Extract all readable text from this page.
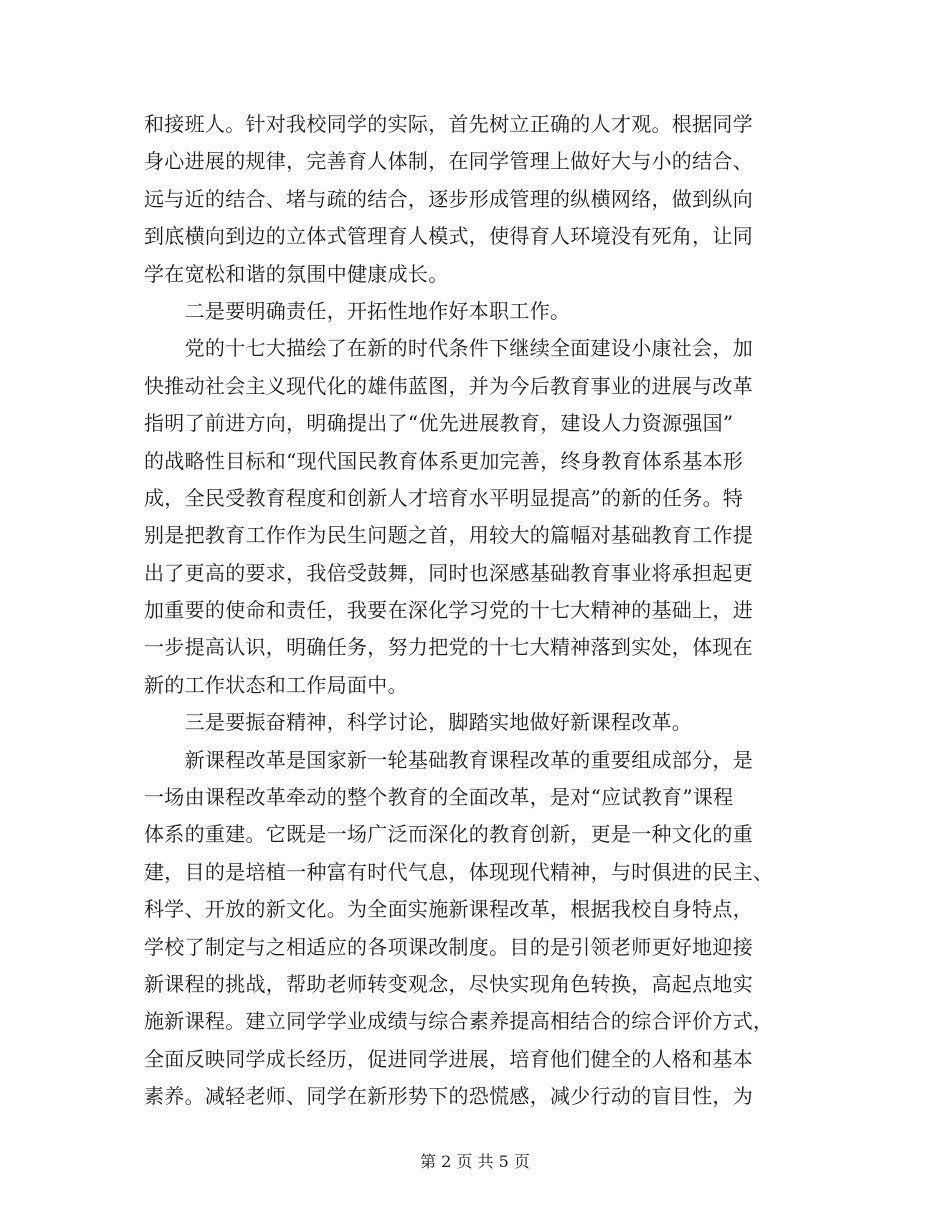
和接班人。针对我校同学的实际，首先树立正确的人才观。根据同学
身心进展的规律，完善育人体制，在同学管理上做好大与小的结合、
远与近的结合、堵与疏的结合，逐步形成管理的纵横网络，做到纵向
到底横向到边的立体式管理育人模式，使得育人环境没有死角，让同
学在宽松和谐的氛围中健康成长。
　　二是要明确责任，开拓性地作好本职工作。
　　党的十七大描绘了在新的时代条件下继续全面建设小康社会，加
快推动社会主义现代化的雄伟蓝图，并为今后教育事业的进展与改革
指明了前进方向，明确提出了“优先进展教育，建设人力资源强国”
的战略性目标和“现代国民教育体系更加完善，终身教育体系基本形
成，全民受教育程度和创新人才培育水平明显提高”的新的任务。特
别是把教育工作作为民生问题之首，用较大的篇幅对基础教育工作提
出了更高的要求，我倍受鼓舞，同时也深感基础教育事业将承担起更
加重要的使命和责任，我要在深化学习党的十七大精神的基础上，进
一步提高认识，明确任务，努力把党的十七大精神落到实处，体现在
新的工作状态和工作局面中。
　　三是要振奋精神，科学讨论，脚踏实地做好新课程改革。
　　新课程改革是国家新一轮基础教育课程改革的重要组成部分，是
一场由课程改革牵动的整个教育的全面改革，是对“应试教育”课程
体系的重建。它既是一场广泛而深化的教育创新，更是一种文化的重
建，目的是培植一种富有时代气息，体现现代精神，与时俱进的民主、
科学、开放的新文化。为全面实施新课程改革，根据我校自身特点，
学校了制定与之相适应的各项课改制度。目的是引领老师更好地迎接
新课程的挑战，帮助老师转变观念，尽快实现角色转换，高起点地实
施新课程。建立同学学业成绩与综合素养提高相结合的综合评价方式，
全面反映同学成长经历，促进同学进展，培育他们健全的人格和基本
素养。减轻老师、同学在新形势下的恐慌感，减少行动的盲目性，为
第 2 页 共 5 页
